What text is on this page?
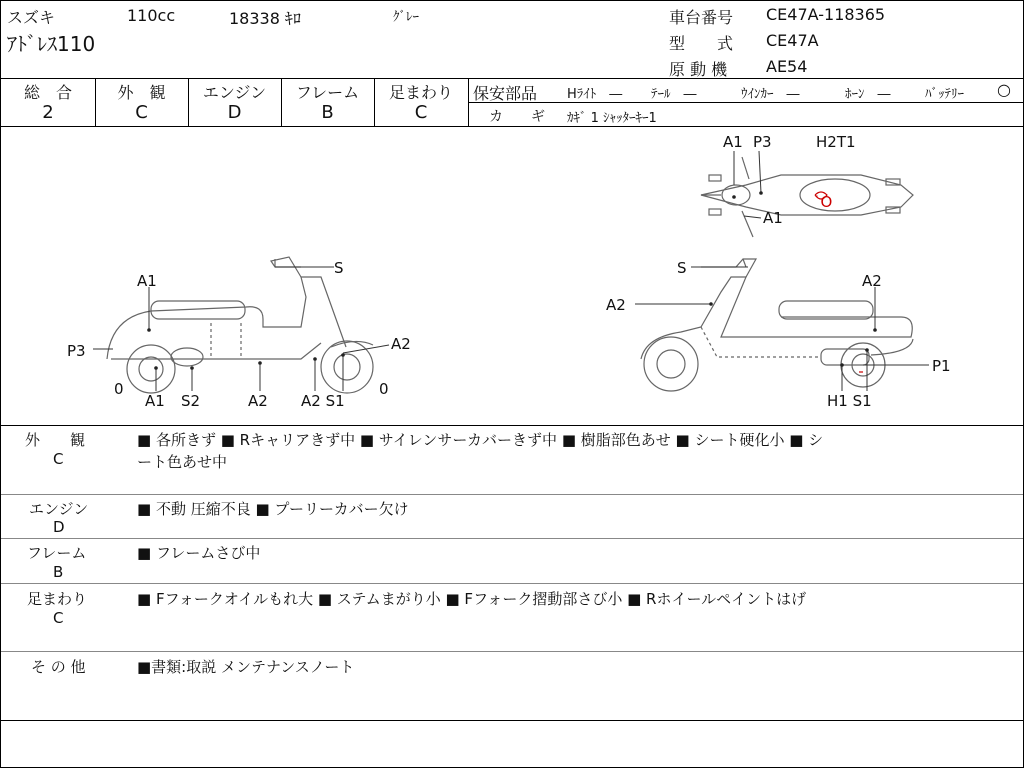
スズキ	110cc	18338 ｷﾛ	ｸﾞﾚｰ
ｱﾄﾞﾚｽ110
車台番号 CE47A-118365
型　　式 CE47A
原 動 機 AE54
総　合
2
外　観
C
エンジン
D
フレーム
B
足まわり
C
保安部品 Hﾗｲﾄ　― ﾃｰﾙ　―	ｳｲﾝｶｰ　―	ﾎｰﾝ　―	ﾊﾞｯﾃﾘｰ ○
カ　　ギ ｶｷﾞ 1 ｼｬｯﾀｰｷｰ1
A1 P3	H2T1
A1
˙O
A1
S
P3	A2
0	0
A1 S2	A2 A2 S1
S
A2
A2
P1
H1 S1
外　　観
C
■ 各所きず ■ Rキャリアきず中 ■ サイレンサーカバーきず中 ■ 樹脂部色あせ ■ シート硬化小 ■ シ
ート色あせ中
エンジン
D
■ 不動 圧縮不良 ■ プーリーカバー欠け
フレーム
B
■ フレームさび中
足まわり
C
■ Fフォークオイルもれ大 ■ ステムまがり小 ■ Fフォーク摺動部さび小 ■ Rホイールペイントはげ
そ の 他	■書類:取説 メンテナンスノート
